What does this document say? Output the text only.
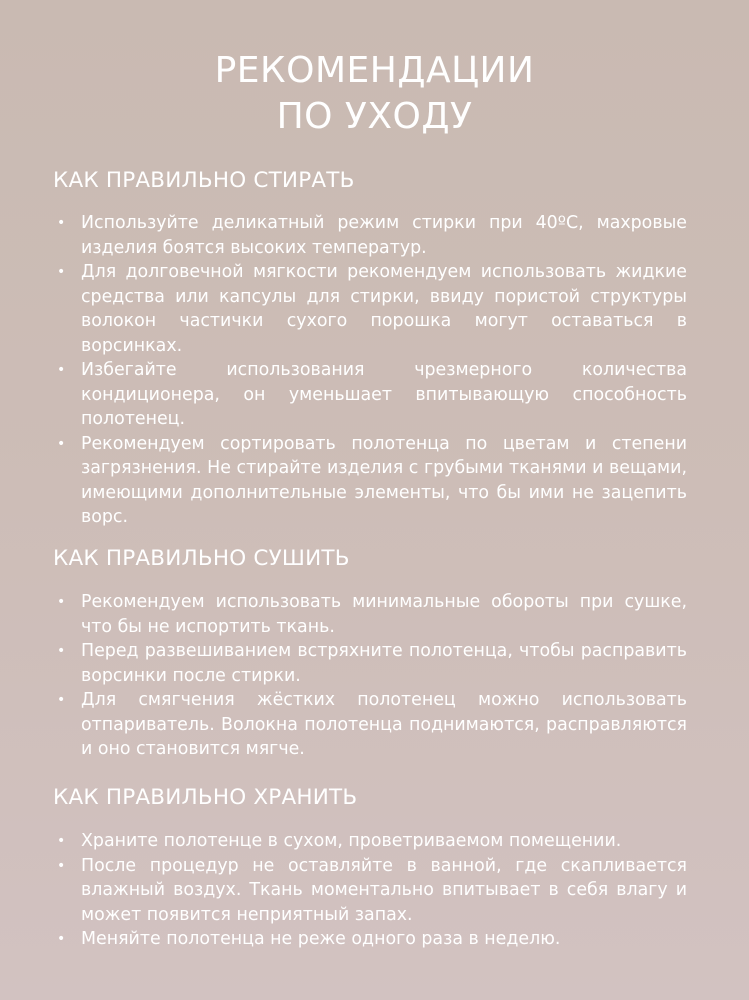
РЕКОМЕНДАЦИИ
ПО УХОДУ
КАК ПРАВИЛЬНО СТИРАТЬ
• Используйте деликатный режим стирки при 40ºC, махровые изделия боятся высоких температур.
• Для долговечной мягкости рекомендуем использовать жидкие средства или капсулы для стирки, ввиду пористой структуры волокон частички сухого порошка могут оставаться в ворсинках.
• Избегайте использования чрезмерного количества кондиционера, он уменьшает впитывающую способность полотенец.
• Рекомендуем сортировать полотенца по цветам и степени загрязнения. Не стирайте изделия с грубыми тканями и вещами, имеющими дополнительные элементы, что бы ими не зацепить ворс.
КАК ПРАВИЛЬНО СУШИТЬ
• Рекомендуем использовать минимальные обороты при сушке, что бы не испортить ткань.
• Перед развешиванием встряхните полотенца, чтобы расправить ворсинки после стирки.
• Для смягчения жёстких полотенец можно использовать отпариватель. Волокна полотенца поднимаются, расправляются и оно становится мягче.
КАК ПРАВИЛЬНО ХРАНИТЬ
• Храните полотенце в сухом, проветриваемом помещении.
• После процедур не оставляйте в ванной, где скапливается влажный воздух. Ткань моментально впитывает в себя влагу и может появится неприятный запах.
• Меняйте полотенца не реже одного раза в неделю.
